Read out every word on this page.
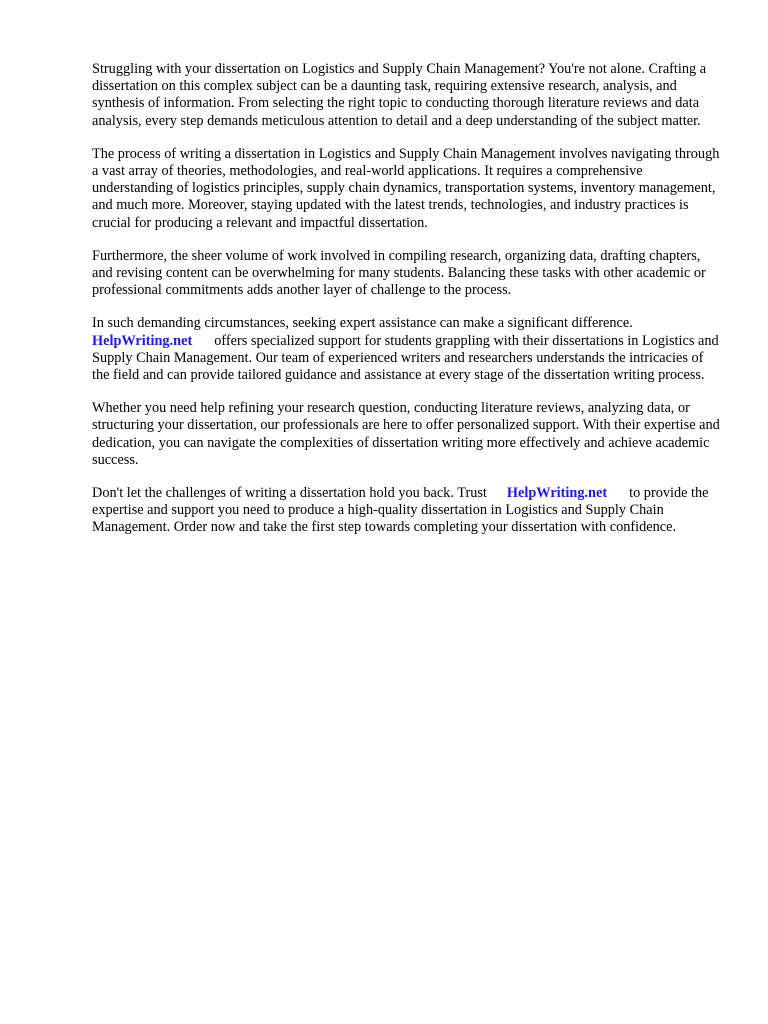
Struggling with your dissertation on Logistics and Supply Chain Management? You're not alone. Crafting a dissertation on this complex subject can be a daunting task, requiring extensive research, analysis, and synthesis of information. From selecting the right topic to conducting thorough literature reviews and data analysis, every step demands meticulous attention to detail and a deep understanding of the subject matter.

The process of writing a dissertation in Logistics and Supply Chain Management involves navigating through a vast array of theories, methodologies, and real-world applications. It requires a comprehensive understanding of logistics principles, supply chain dynamics, transportation systems, inventory management, and much more. Moreover, staying updated with the latest trends, technologies, and industry practices is crucial for producing a relevant and impactful dissertation.

Furthermore, the sheer volume of work involved in compiling research, organizing data, drafting chapters, and revising content can be overwhelming for many students. Balancing these tasks with other academic or professional commitments adds another layer of challenge to the process.

In such demanding circumstances, seeking expert assistance can make a significant difference.
HelpWriting.net offers specialized support for students grappling with their dissertations in Logistics and Supply Chain Management. Our team of experienced writers and researchers understands the intricacies of the field and can provide tailored guidance and assistance at every stage of the dissertation writing process.

Whether you need help refining your research question, conducting literature reviews, analyzing data, or structuring your dissertation, our professionals are here to offer personalized support. With their expertise and dedication, you can navigate the complexities of dissertation writing more effectively and achieve academic success.

Don't let the challenges of writing a dissertation hold you back. Trust HelpWriting.net to provide the expertise and support you need to produce a high-quality dissertation in Logistics and Supply Chain Management. Order now and take the first step towards completing your dissertation with confidence.
